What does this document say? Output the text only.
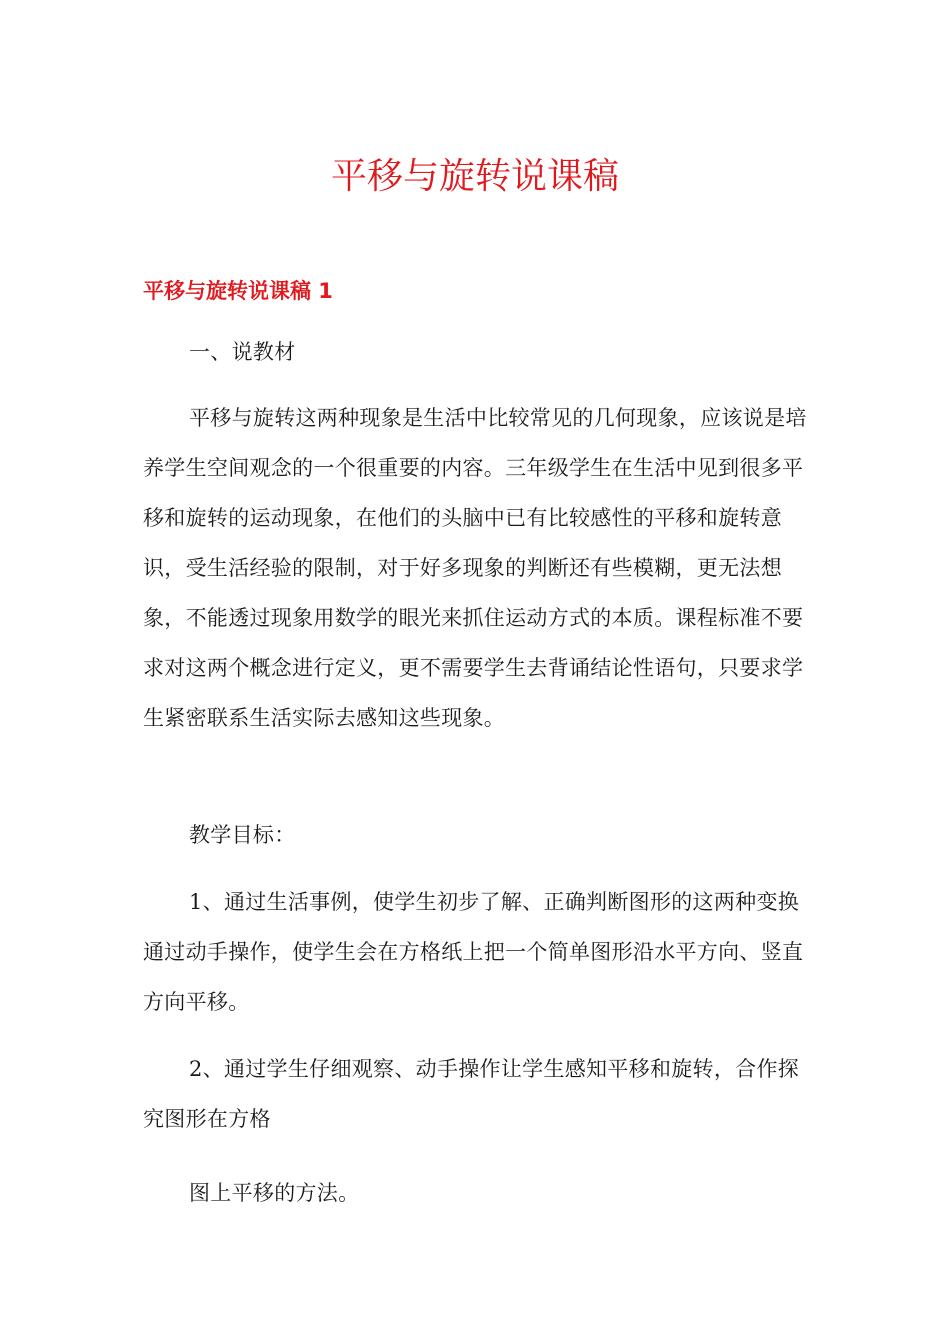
平移与旋转说课稿
平移与旋转说课稿 1

一、说教材

平移与旋转这两种现象是生活中比较常见的几何现象，应该说是培养学生空间观念的一个很重要的内容。三年级学生在生活中见到很多平移和旋转的运动现象，在他们的头脑中已有比较感性的平移和旋转意识，受生活经验的限制，对于好多现象的判断还有些模糊，更无法想象，不能透过现象用数学的眼光来抓住运动方式的本质。课程标准不要求对这两个概念进行定义，更不需要学生去背诵结论性语句，只要求学生紧密联系生活实际去感知这些现象。

教学目标：

1、通过生活事例，使学生初步了解、正确判断图形的这两种变换通过动手操作，使学生会在方格纸上把一个简单图形沿水平方向、竖直方向平移。

2、通过学生仔细观察、动手操作让学生感知平移和旋转，合作探究图形在方格

图上平移的方法。
